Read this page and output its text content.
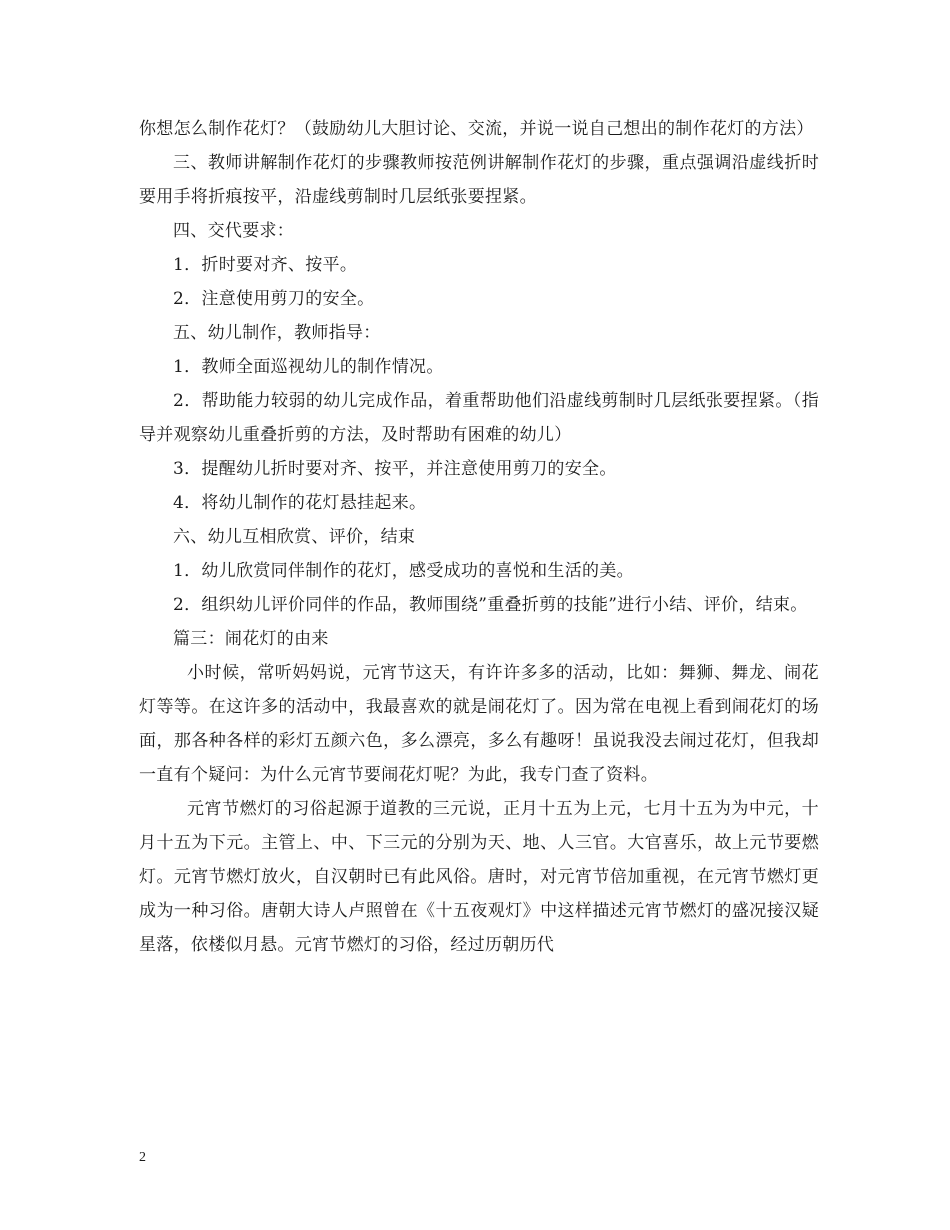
你想怎么制作花灯？（鼓励幼儿大胆讨论、交流，并说一说自己想出的制作花灯的方法）

三、教师讲解制作花灯的步骤教师按范例讲解制作花灯的步骤，重点强调沿虚线折时要用手将折痕按平，沿虚线剪制时几层纸张要捏紧。

四、交代要求：

1．折时要对齐、按平。

2．注意使用剪刀的安全。

五、幼儿制作，教师指导：

1．教师全面巡视幼儿的制作情况。

2．帮助能力较弱的幼儿完成作品，着重帮助他们沿虚线剪制时几层纸张要捏紧。（指导并观察幼儿重叠折剪的方法，及时帮助有困难的幼儿）

3．提醒幼儿折时要对齐、按平，并注意使用剪刀的安全。

4．将幼儿制作的花灯悬挂起来。

六、幼儿互相欣赏、评价，结束

1．幼儿欣赏同伴制作的花灯，感受成功的喜悦和生活的美。

2．组织幼儿评价同伴的作品，教师围绕”重叠折剪的技能”进行小结、评价，结束。

篇三：闹花灯的由来

小时候，常听妈妈说，元宵节这天，有许许多多的活动，比如：舞狮、舞龙、闹花灯等等。在这许多的活动中，我最喜欢的就是闹花灯了。因为常在电视上看到闹花灯的场面，那各种各样的彩灯五颜六色，多么漂亮，多么有趣呀！虽说我没去闹过花灯，但我却一直有个疑问：为什么元宵节要闹花灯呢？为此，我专门查了资料。

元宵节燃灯的习俗起源于道教的三元说，正月十五为上元，七月十五为为中元，十月十五为下元。主管上、中、下三元的分别为天、地、人三官。大官喜乐，故上元节要燃灯。元宵节燃灯放火，自汉朝时已有此风俗。唐时，对元宵节倍加重视，在元宵节燃灯更成为一种习俗。唐朝大诗人卢照曾在《十五夜观灯》中这样描述元宵节燃灯的盛况接汉疑星落，依楼似月悬。元宵节燃灯的习俗，经过历朝历代

2
